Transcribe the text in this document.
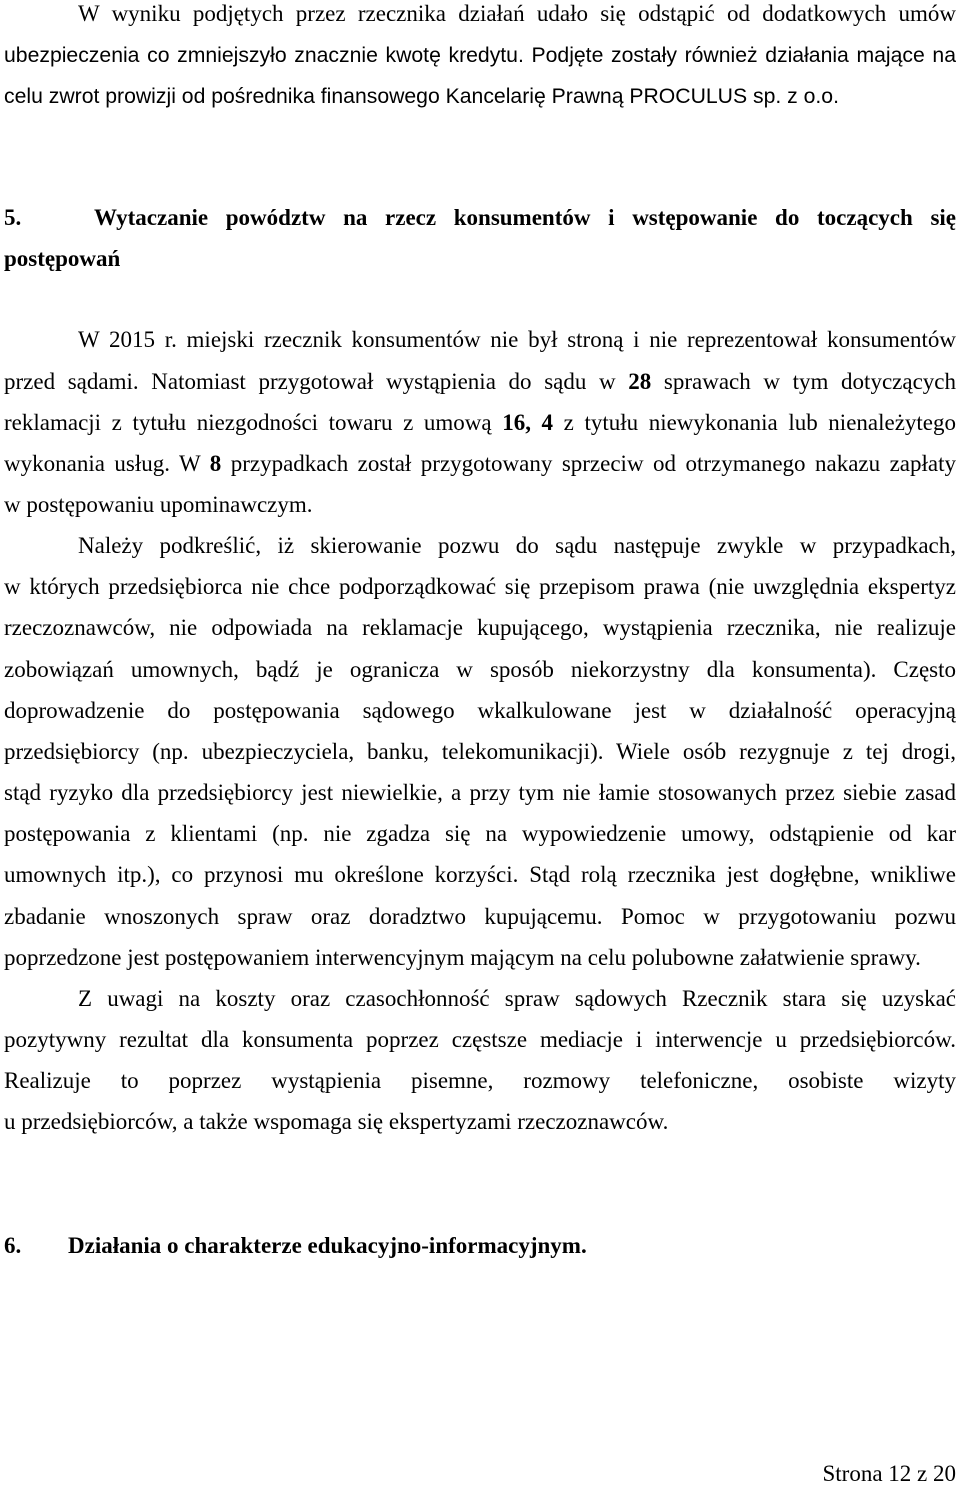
W wyniku podjętych przez rzecznika działań udało się odstąpić od dodatkowych umów
ubezpieczenia co zmniejszyło znacznie kwotę kredytu. Podjęte zostały również działania mające na
celu zwrot prowizji od pośrednika finansowego Kancelarię Prawną PROCULUS sp. z o.o.
5.	Wytaczanie powództw na rzecz konsumentów i wstępowanie do toczących się
postępowań
W 2015 r. miejski rzecznik konsumentów nie był stroną i nie reprezentował konsumentów
przed sądami. Natomiast przygotował wystąpienia do sądu w 28 sprawach w tym dotyczących
reklamacji z tytułu niezgodności towaru z umową 16, 4 z tytułu niewykonania lub nienależytego
wykonania usług. W 8 przypadkach został przygotowany sprzeciw od otrzymanego nakazu zapłaty
w postępowaniu upominawczym.
Należy podkreślić, iż skierowanie pozwu do sądu następuje zwykle w przypadkach,
w których przedsiębiorca nie chce podporządkować się przepisom prawa (nie uwzględnia ekspertyz
rzeczoznawców, nie odpowiada na reklamacje kupującego, wystąpienia rzecznika, nie realizuje
zobowiązań umownych, bądź je ogranicza w sposób niekorzystny dla konsumenta). Często
doprowadzenie do postępowania sądowego wkalkulowane jest w działalność operacyjną
przedsiębiorcy (np. ubezpieczyciela, banku, telekomunikacji). Wiele osób rezygnuje z tej drogi,
stąd ryzyko dla przedsiębiorcy jest niewielkie, a przy tym nie łamie stosowanych przez siebie zasad
postępowania z klientami (np. nie zgadza się na wypowiedzenie umowy, odstąpienie od kar
umownych itp.), co przynosi mu określone korzyści. Stąd rolą rzecznika jest dogłębne, wnikliwe
zbadanie wnoszonych spraw oraz doradztwo kupującemu. Pomoc w przygotowaniu pozwu
poprzedzone jest postępowaniem interwencyjnym mającym na celu polubowne załatwienie sprawy.
Z uwagi na koszty oraz czasochłonność spraw sądowych Rzecznik stara się uzyskać
pozytywny rezultat dla konsumenta poprzez częstsze mediacje i interwencje u przedsiębiorców.
Realizuje to poprzez wystąpienia pisemne, rozmowy telefoniczne, osobiste wizyty
u przedsiębiorców, a także wspomaga się ekspertyzami rzeczoznawców.
6.	Działania o charakterze edukacyjno-informacyjnym.
Strona 12 z 20
